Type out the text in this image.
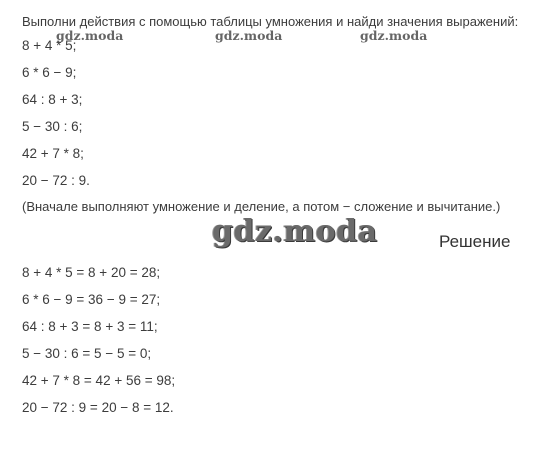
Выполни действия с помощью таблицы умножения и найди значения выражений:
gdz.moda	gdz.moda	gdz.moda
8 + 4 * 5;
6 * 6 − 9;
64 : 8 + 3;
5 − 30 : 6;
42 + 7 * 8;
20 − 72 : 9.
(Вначале выполняют умножение и деление, а потом − сложение и вычитание.)
gdz.moda	Решение
8 + 4 * 5 = 8 + 20 = 28;
6 * 6 − 9 = 36 − 9 = 27;
64 : 8 + 3 = 8 + 3 = 11;
5 − 30 : 6 = 5 − 5 = 0;
42 + 7 * 8 = 42 + 56 = 98;
20 − 72 : 9 = 20 − 8 = 12.
